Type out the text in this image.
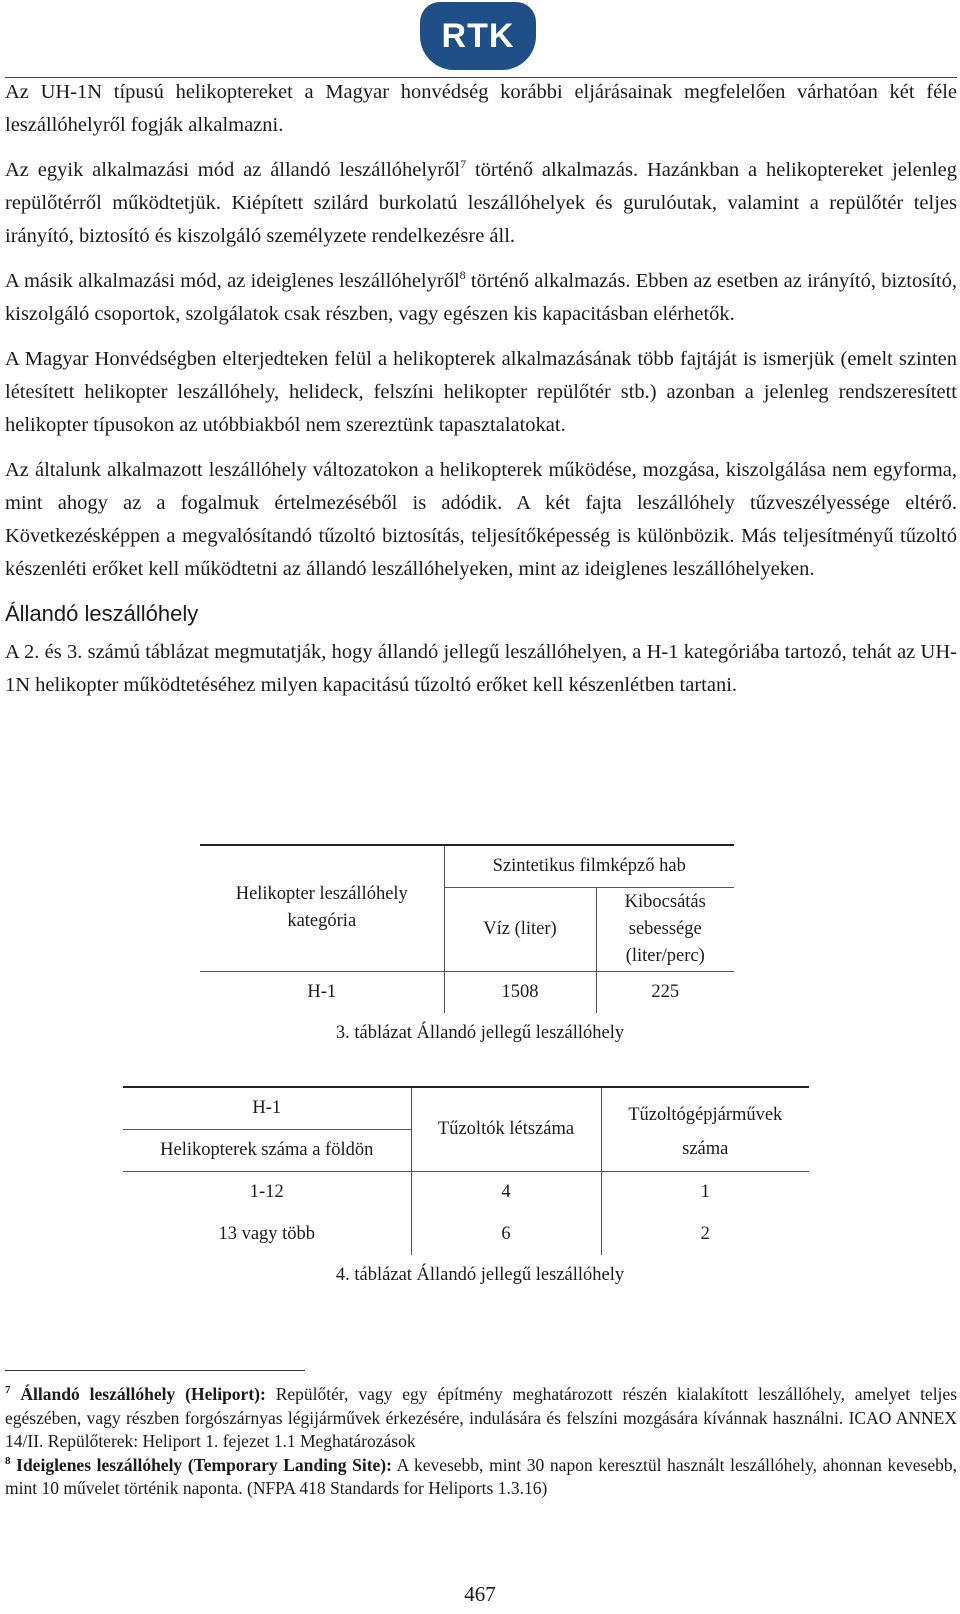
RTK

Az UH-1N típusú helikoptereket a Magyar honvédség korábbi eljárásainak megfelelően várhatóan két féle leszállóhelyről fogják alkalmazni.

Az egyik alkalmazási mód az állandó leszállóhelyről$^7$ történő alkalmazás. Hazánkban a helikoptereket jelenleg repülőtérről működtetjük. Kiépített szilárd burkolatú leszállóhelyek és gurulóutak, valamint a repülőtér teljes irányító, biztosító és kiszolgáló személyzete rendelkezésre áll.

A másik alkalmazási mód, az ideiglenes leszállóhelyről$^8$ történő alkalmazás. Ebben az esetben az irányító, biztosító, kiszolgáló csoportok, szolgálatok csak részben, vagy egészen kis kapacitásban elérhetők.

A Magyar Honvédségben elterjedteken felül a helikopterek alkalmazásának több fajtáját is ismerjük (emelt szinten létesített helikopter leszállóhely, helideck, felszíni helikopter repülőtér stb.) azonban a jelenleg rendszeresített helikopter típusokon az utóbbiakból nem szereztünk tapasztalatokat.

Az általunk alkalmazott leszállóhely változatokon a helikopterek működése, mozgása, kiszolgálása nem egyforma, mint ahogy az a fogalmuk értelmezéséből is adódik. A két fajta leszállóhely tűzveszélyessége eltérő. Következésképpen a megvalósítandó tűzoltó biztosítás, teljesítőképesség is különbözik. Más teljesítményű tűzoltó készenléti erőket kell működtetni az állandó leszállóhelyeken, mint az ideiglenes leszállóhelyeken.

Állandó leszállóhely

A 2. és 3. számú táblázat megmutatják, hogy állandó jellegű leszállóhelyen, a H-1 kategóriába tartozó, tehát az UH-1N helikopter működtetéséhez milyen kapacitású tűzoltó erőket kell készenlétben tartani.

Helikopter leszállóhely kategória	Szintetikus filmképző hab	
	Víz (liter)	Kibocsátás sebessége (liter/perc)
H-1	1508	225
3. táblázat Állandó jellegű leszállóhely
H-1	Tűzoltók létszáma	Tűzoltógépjárművek
Helikopterek száma a földön		száma
1-12	4	1
13 vagy több	6	2
4. táblázat Állandó jellegű leszállóhely

$^7$ Állandó leszállóhely (Heliport): Repülőtér, vagy egy építmény meghatározott részén kialakított leszállóhely, amelyet teljes egészében, vagy részben forgószárnyas légijárművek érkezésére, indulására és felszíni mozgására kívánnak használni. ICAO ANNEX 14/II. Repülőterek: Heliport 1. fejezet 1.1 Meghatározások

$^8$ Ideiglenes leszállóhely (Temporary Landing Site): A kevesebb, mint 30 napon keresztül használt leszállóhely, ahonnan kevesebb, mint 10 művelet történik naponta. (NFPA 418 Standards for Heliports 1.3.16)

467
